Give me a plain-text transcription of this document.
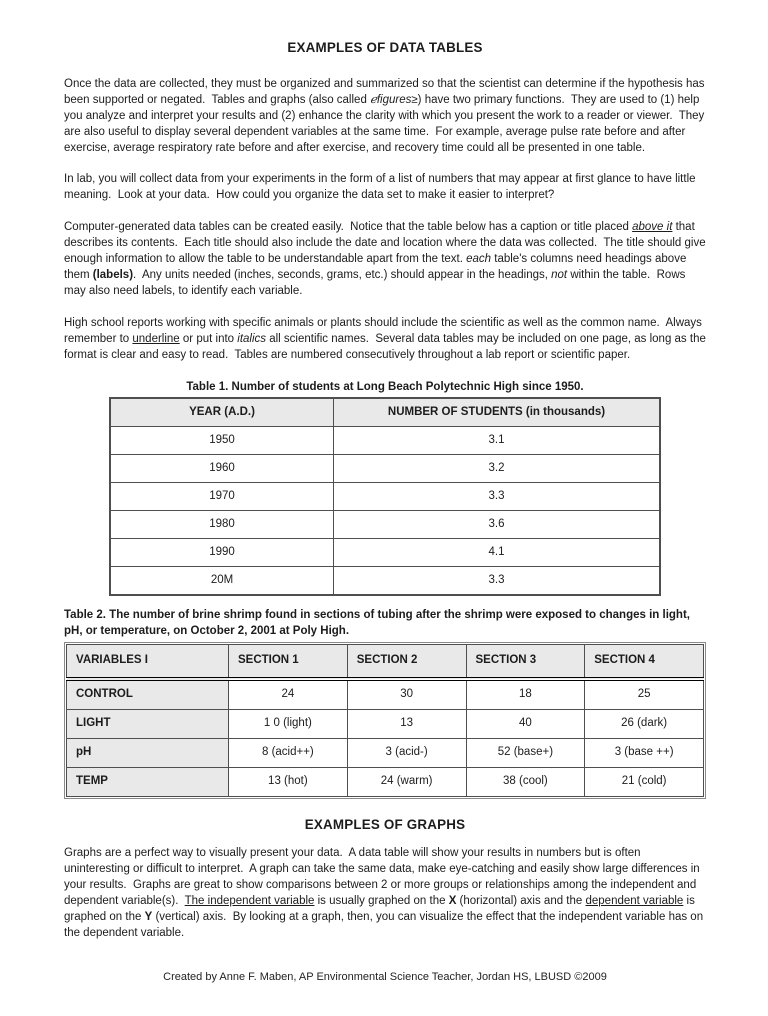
EXAMPLES OF DATA TABLES

Once the data are collected, they must be organized and summarized so that the scientist can determine if the hypothesis has been supported or negated.  Tables and graphs (also called ℯfigures≥) have two primary functions.  They are used to (1) help you analyze and interpret your results and (2) enhance the clarity with which you present the work to a reader or viewer.  They are also useful to display several dependent variables at the same time.  For example, average pulse rate before and after exercise, average respiratory rate before and after exercise, and recovery time could all be presented in one table.

In lab, you will collect data from your experiments in the form of a list of numbers that may appear at first glance to have little meaning.  Look at your data.  How could you organize the data set to make it easier to interpret?

Computer-generated data tables can be created easily.  Notice that the table below has a caption or title placed above it that describes its contents.  Each title should also include the date and location where the data was collected.  The title should give enough information to allow the table to be understandable apart from the text. each table's columns need headings above them (labels).  Any units needed (inches, seconds, grams, etc.) should appear in the headings, not within the table.  Rows may also need labels, to identify each variable.

High school reports working with specific animals or plants should include the scientific as well as the common name.  Always remember to underline or put into italics all scientific names.  Several data tables may be included on one page, as long as the format is clear and easy to read.  Tables are numbered consecutively throughout a lab report or scientific paper.

Table 1. Number of students at Long Beach Polytechnic High since 1950.
YEAR (A.D.)	NUMBER OF STUDENTS (in thousands)
1950	3.1
1960	3.2
1970	3.3
1980	3.6
1990	4.1
20M	3.3
Table 2. The number of brine shrimp found in sections of tubing after the shrimp were exposed to changes in light, pH, or temperature, on October 2, 2001 at Poly High.
VARIABLES I	SECTION 1	SECTION 2	SECTION 3	SECTION 4
CONTROL	24	30	18	25
LIGHT	1 0 (light)	13	40	26 (dark)
pH	8 (acid++)	3 (acid-)	52 (base+)	3 (base ++)
TEMP	13 (hot)	24 (warm)	38 (cool)	21 (cold)
EXAMPLES OF GRAPHS

Graphs are a perfect way to visually present your data.  A data table will show your results in numbers but is often uninteresting or difficult to interpret.  A graph can take the same data, make eye-catching and easily show large differences in your results.  Graphs are great to show comparisons between 2 or more groups or relationships among the independent and dependent variable(s).  The independent variable is usually graphed on the X (horizontal) axis and the dependent variable is graphed on the Y (vertical) axis.  By looking at a graph, then, you can visualize the effect that the independent variable has on the dependent variable.

Created by Anne F. Maben, AP Environmental Science Teacher, Jordan HS, LBUSD ©2009
